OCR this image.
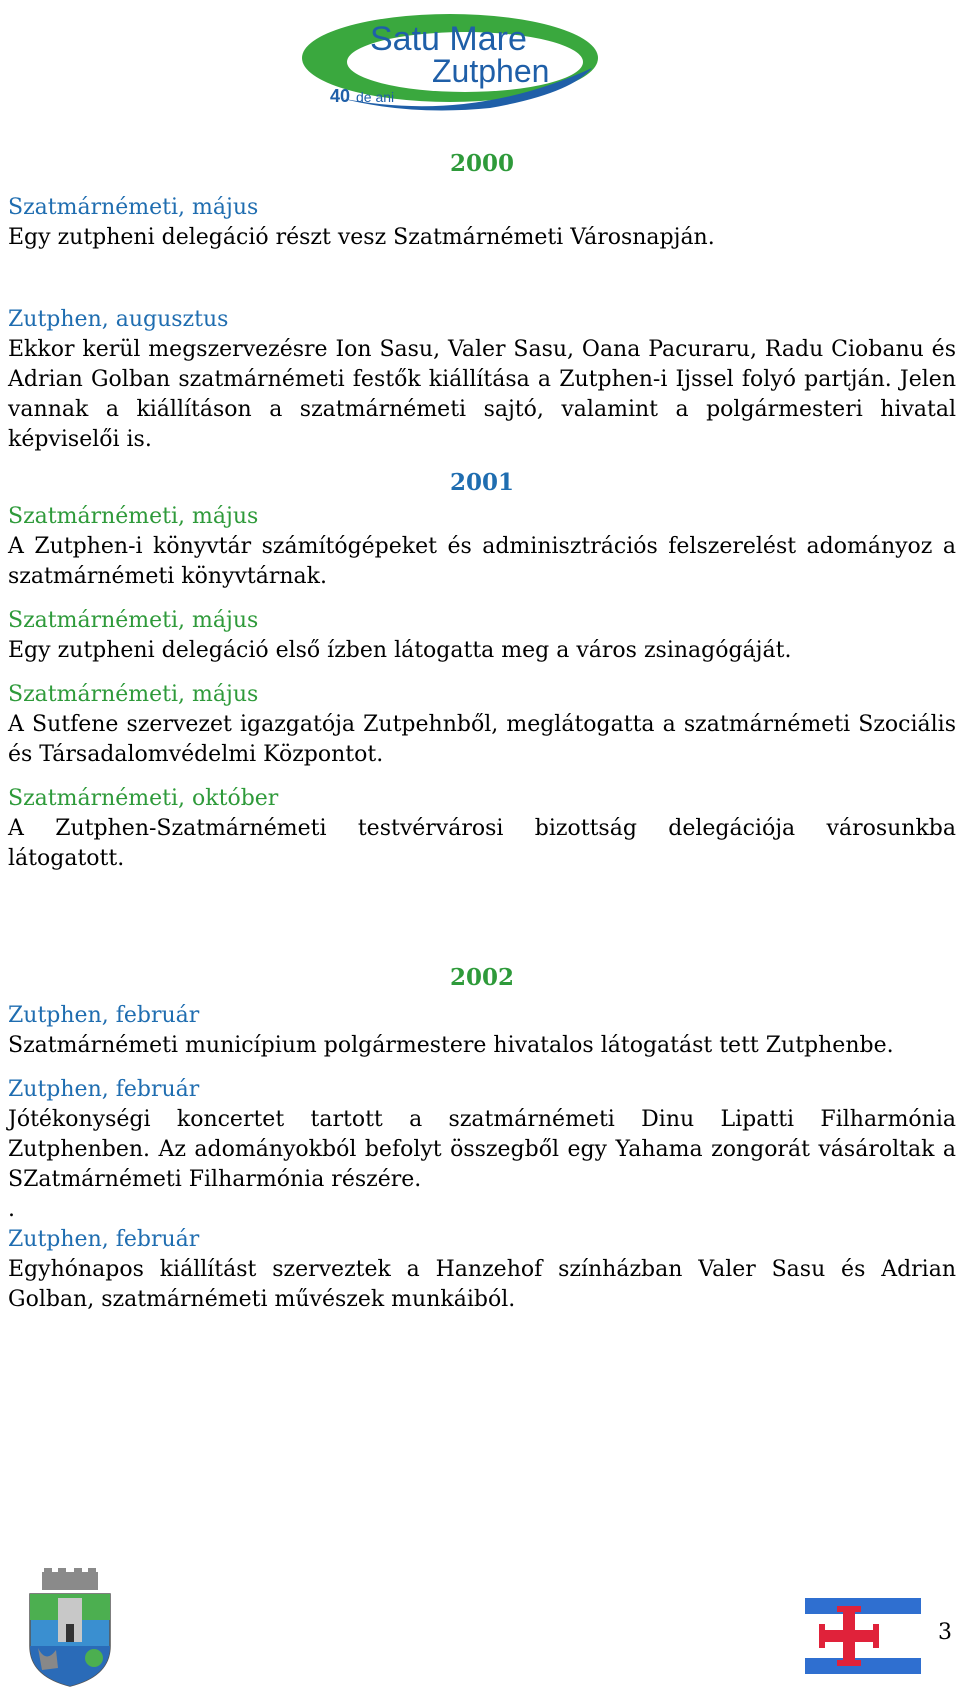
Satu Mare
Zutphen
40 de ani

2000

Szatmárnémeti, május

Egy zutpheni delegáció részt vesz Szatmárnémeti Városnapján.

Zutphen, augusztus

Ekkor kerül megszervezésre Ion Sasu, Valer Sasu, Oana Pacuraru, Radu Ciobanu és Adrian Golban szatmárnémeti festők kiállítása a Zutphen-i Ijssel folyó partján. Jelen vannak a kiállításon a szatmárnémeti sajtó, valamint a polgármesteri hivatal képviselői is.

2001

Szatmárnémeti, május

A Zutphen-i könyvtár számítógépeket és adminisztrációs felszerelést adományoz a szatmárnémeti könyvtárnak.

Szatmárnémeti, május

Egy zutpheni delegáció első ízben látogatta meg a város zsinagógáját.

Szatmárnémeti, május

A Sutfene szervezet igazgatója Zutpehnből, meglátogatta a szatmárnémeti Szociális és Társadalomvédelmi Központot.

Szatmárnémeti, október

A Zutphen-Szatmárnémeti testvérvárosi bizottság delegációja városunkba látogatott.

2002

Zutphen, február

Szatmárnémeti municípium polgármestere hivatalos látogatást tett Zutphenbe.

Zutphen, február

Jótékonységi koncertet tartott a szatmárnémeti Dinu Lipatti Filharmónia Zutphenben. Az adományokból befolyt összegből egy Yahama zongorát vásároltak a SZatmárnémeti Filharmónia részére.

.

Zutphen, február

Egyhónapos kiállítást szerveztek a Hanzehof színházban Valer Sasu és Adrian Golban, szatmárnémeti művészek munkáiból.

3
